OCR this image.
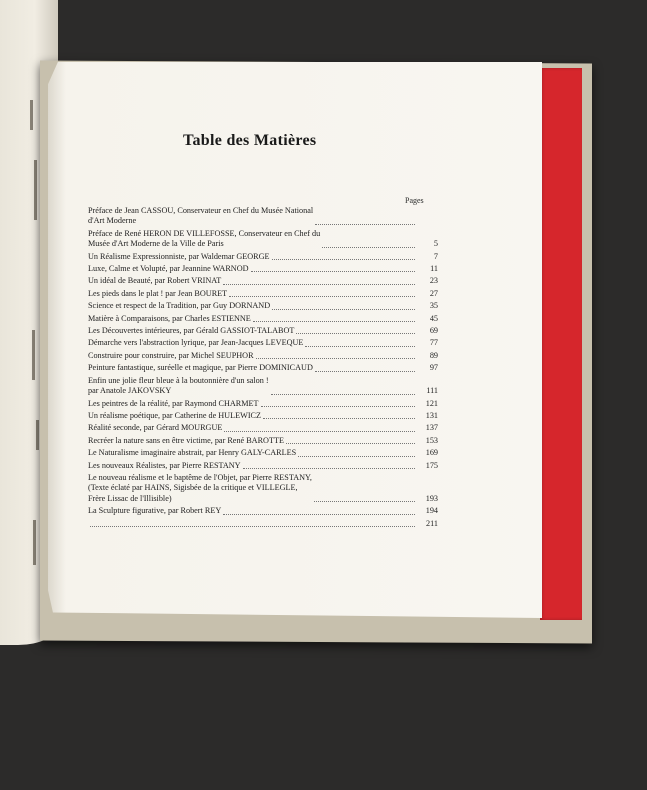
Table des Matières
Pages
Préface de Jean CASSOU, Conservateur en Chef du Musée National
d'Art Moderne
Préface de René HERON DE VILLEFOSSE, Conservateur en Chef du
Musée d'Art Moderne de la Ville de Paris	5
Un Réalisme Expressionniste, par Waldemar GEORGE	7
Luxe, Calme et Volupté, par Jeannine WARNOD	11
Un idéal de Beauté, par Robert VRINAT	23
Les pieds dans le plat ! par Jean BOURET	27
Science et respect de la Tradition, par Guy DORNAND	35
Matière à Comparaisons, par Charles ESTIENNE	45
Les Découvertes intérieures, par Gérald GASSIOT-TALABOT	69
Démarche vers l'abstraction lyrique, par Jean-Jacques LEVEQUE	77
Construire pour construire, par Michel SEUPHOR	89
Peinture fantastique, suréelle et magique, par Pierre DOMINICAUD	97
Enfin une jolie fleur bleue à la boutonnière d'un salon !
par Anatole JAKOVSKY	111
Les peintres de la réalité, par Raymond CHARMET	121
Un réalisme poétique, par Catherine de HULEWICZ	131
Réalité seconde, par Gérard MOURGUE	137
Recréer la nature sans en être victime, par René BAROTTE	153
Le Naturalisme imaginaire abstrait, par Henry GALY-CARLES	169
Les nouveaux Réalistes, par Pierre RESTANY	175
Le nouveau réalisme et le baptême de l'Objet, par Pierre RESTANY,
(Texte éclaté par HAINS, Sigisbée de la critique et VILLEGLE,
Frère Lissac de l'Illisible)	193
La Sculpture figurative, par Robert REY	194
211
